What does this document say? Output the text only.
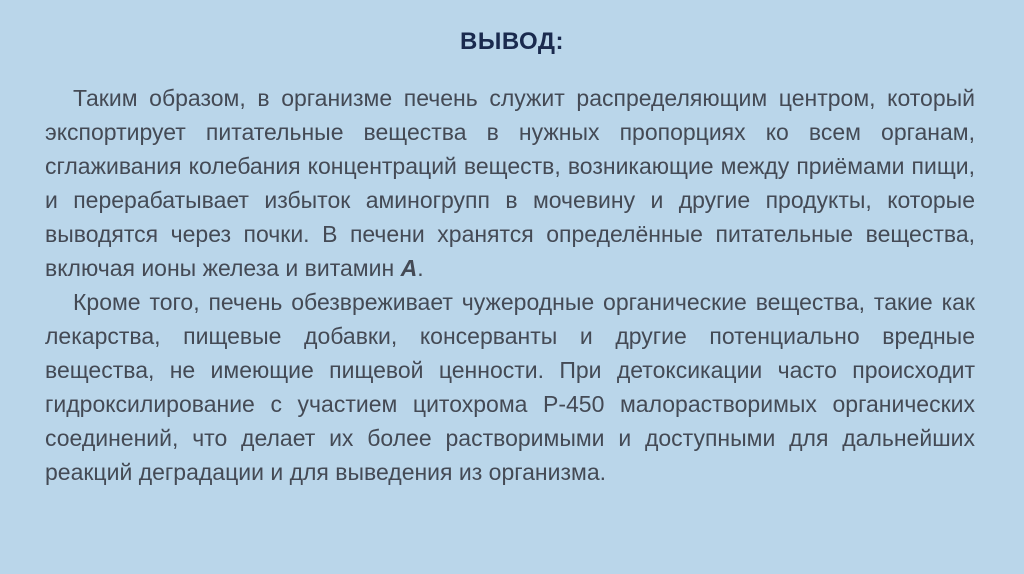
ВЫВОД:

Таким образом, в организме печень служит распределяющим центром, который экспортирует питательные вещества в нужных пропорциях ко всем органам, сглаживания колебания концентраций веществ, возникающие между приёмами пищи, и перерабатывает избыток аминогрупп в мочевину и другие продукты, которые выводятся через почки. В печени хранятся определённые питательные вещества, включая ионы железа и витамин А.

Кроме того, печень обезвреживает чужеродные органические вещества, такие как лекарства, пищевые добавки, консерванты и другие потенциально вредные вещества, не имеющие пищевой ценности. При детоксикации часто происходит гидроксилирование с участием цитохрома Р-450 малорастворимых органических соединений, что делает их более растворимыми и доступными для дальнейших реакций деградации и для выведения из организма.
